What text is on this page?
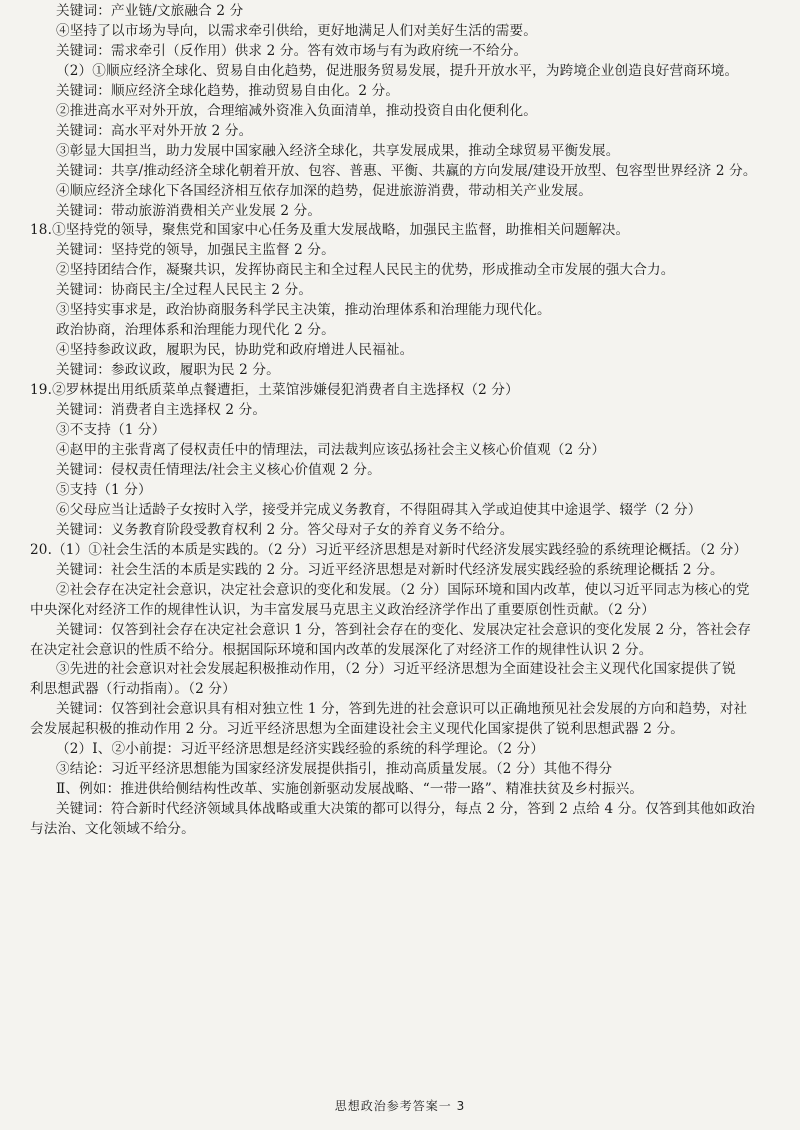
关键词：产业链/文旅融合 2 分
④坚持了以市场为导向，以需求牵引供给，更好地满足人们对美好生活的需要。
关键词：需求牵引（反作用）供求 2 分。答有效市场与有为政府统一不给分。
（2）①顺应经济全球化、贸易自由化趋势，促进服务贸易发展，提升开放水平，为跨境企业创造良好营商环境。
关键词：顺应经济全球化趋势，推动贸易自由化。2 分。
②推进高水平对外开放，合理缩减外资准入负面清单，推动投资自由化便利化。
关键词：高水平对外开放 2 分。
③彰显大国担当，助力发展中国家融入经济全球化，共享发展成果，推动全球贸易平衡发展。
关键词：共享/推动经济全球化朝着开放、包容、普惠、平衡、共赢的方向发展/建设开放型、包容型世界经济 2 分。
④顺应经济全球化下各国经济相互依存加深的趋势，促进旅游消费，带动相关产业发展。
关键词：带动旅游消费相关产业发展 2 分。
18.①坚持党的领导，聚焦党和国家中心任务及重大发展战略，加强民主监督，助推相关问题解决。
关键词：坚持党的领导，加强民主监督 2 分。
②坚持团结合作，凝聚共识，发挥协商民主和全过程人民民主的优势，形成推动全市发展的强大合力。
关键词：协商民主/全过程人民民主 2 分。
③坚持实事求是，政治协商服务科学民主决策，推动治理体系和治理能力现代化。
政治协商，治理体系和治理能力现代化 2 分。
④坚持参政议政，履职为民，协助党和政府增进人民福祉。
关键词：参政议政，履职为民 2 分。
19.②罗林提出用纸质菜单点餐遭拒，土菜馆涉嫌侵犯消费者自主选择权（2 分）
关键词：消费者自主选择权 2 分。
③不支持（1 分）
④赵甲的主张背离了侵权责任中的情理法，司法裁判应该弘扬社会主义核心价值观（2 分）
关键词：侵权责任情理法/社会主义核心价值观 2 分。
⑤支持（1 分）
⑥父母应当让适龄子女按时入学，接受并完成义务教育，不得阻碍其入学或迫使其中途退学、辍学（2 分）
关键词：义务教育阶段受教育权利 2 分。答父母对子女的养育义务不给分。
20.（1）①社会生活的本质是实践的。（2 分）习近平经济思想是对新时代经济发展实践经验的系统理论概括。（2 分）
关键词：社会生活的本质是实践的 2 分。习近平经济思想是对新时代经济发展实践经验的系统理论概括 2 分。
②社会存在决定社会意识，决定社会意识的变化和发展。（2 分）国际环境和国内改革，使以习近平同志为核心的党
中央深化对经济工作的规律性认识，为丰富发展马克思主义政治经济学作出了重要原创性贡献。（2 分）
关键词：仅答到社会存在决定社会意识 1 分，答到社会存在的变化、发展决定社会意识的变化发展 2 分，答社会存
在决定社会意识的性质不给分。根据国际环境和国内改革的发展深化了对经济工作的规律性认识 2 分。
③先进的社会意识对社会发展起积极推动作用，（2 分）习近平经济思想为全面建设社会主义现代化国家提供了锐
利思想武器（行动指南）。（2 分）
关键词：仅答到社会意识具有相对独立性 1 分，答到先进的社会意识可以正确地预见社会发展的方向和趋势，对社
会发展起积极的推动作用 2 分。习近平经济思想为全面建设社会主义现代化国家提供了锐利思想武器 2 分。
（2）Ⅰ、②小前提：习近平经济思想是经济实践经验的系统的科学理论。（2 分）
③结论：习近平经济思想能为国家经济发展提供指引，推动高质量发展。（2 分）其他不得分
Ⅱ、例如：推进供给侧结构性改革、实施创新驱动发展战略、“一带一路”、精准扶贫及乡村振兴。
关键词：符合新时代经济领域具体战略或重大决策的都可以得分，每点 2 分，答到 2 点给 4 分。仅答到其他如政治
与法治、文化领域不给分。
思想政治参考答案一 3
